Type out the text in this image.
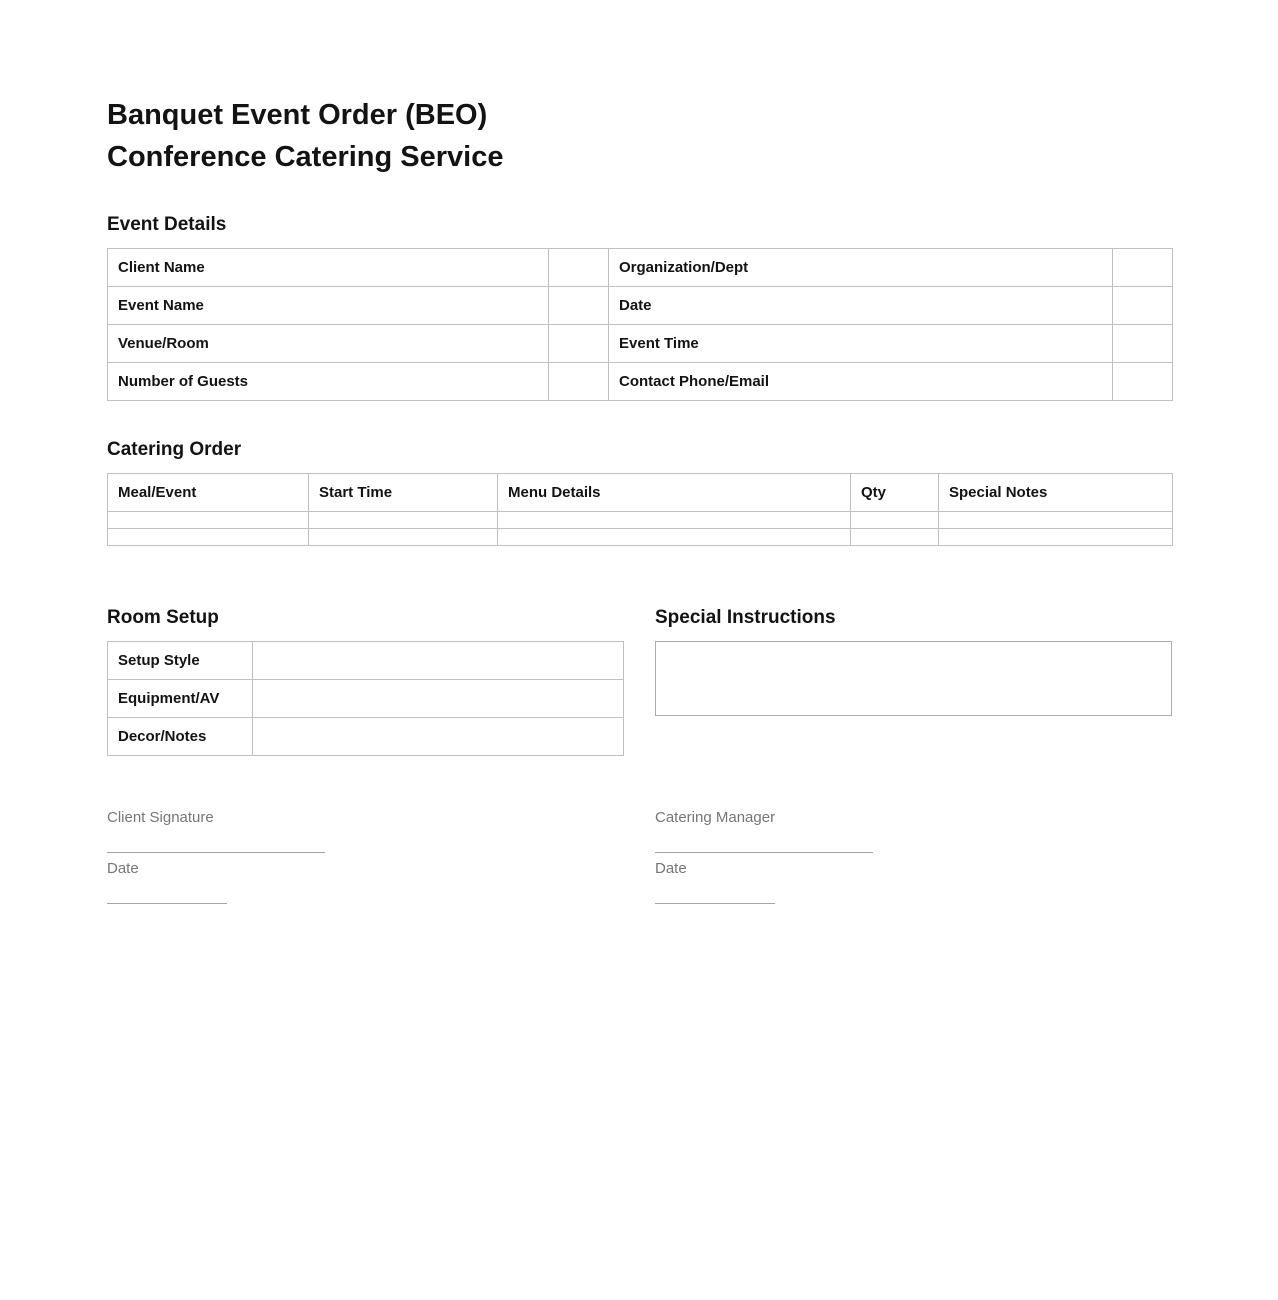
Banquet Event Order (BEO)
Conference Catering Service
Event Details
Client Name		Organization/Dept	
Event Name		Date	
Venue/Room		Event Time	
Number of Guests		Contact Phone/Email	
Catering Order
Meal/Event	Start Time	Menu Details	Qty	Special Notes

Room Setup
Setup Style	
Equipment/AV	
Decor/Notes	
Special Instructions
Client Signature
Date
Catering Manager
Date
